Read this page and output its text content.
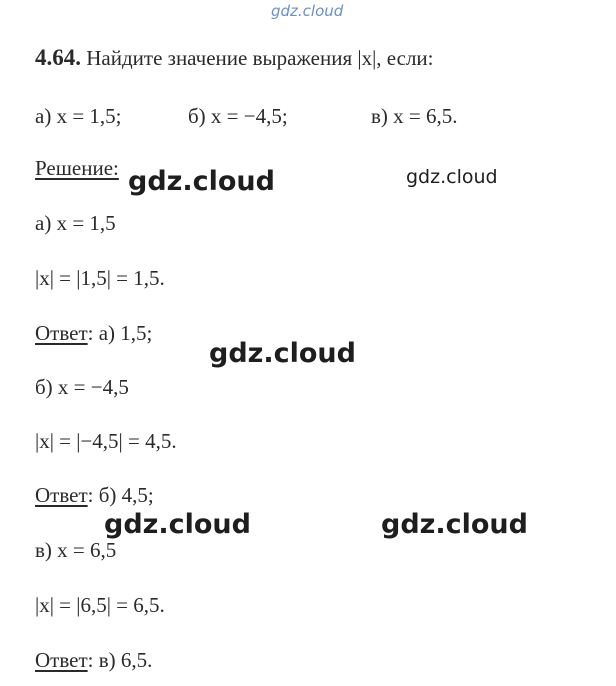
gdz.cloud
4.64. Найдите значение выражения |x|, если:
а) x = 1,5;	б) x = −4,5;	в) x = 6,5.
Решение: gdz.cloud	gdz.cloud
а) x = 1,5
|x| = |1,5| = 1,5.
Ответ: а) 1,5;
gdz.cloud
б) x = −4,5
|x| = |−4,5| = 4,5.
Ответ: б) 4,5;
gdz.cloud	gdz.cloud
в) x = 6,5
|x| = |6,5| = 6,5.
Ответ: в) 6,5.
